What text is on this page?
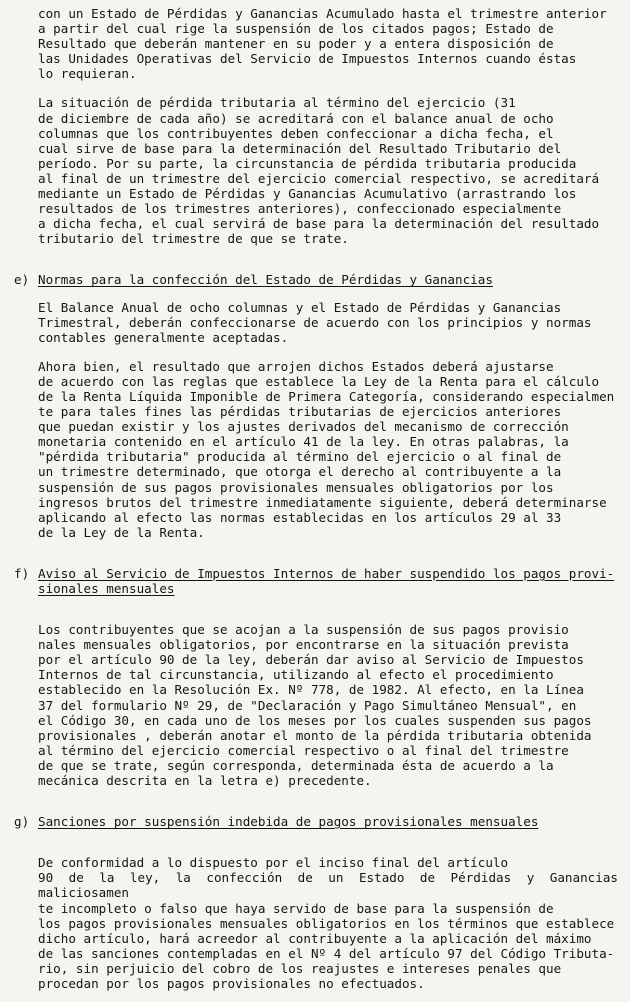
con un Estado de Pérdidas y Ganancias Acumulado hasta el trimestre anterior
a partir del cual rige la suspensión de los citados pagos; Estado de
Resultado que deberán mantener en su poder y a entera disposición de
las Unidades Operativas del Servicio de Impuestos Internos cuando éstas
lo requieran.

La situación de pérdida tributaria al término del ejercicio (31
de diciembre de cada año) se acreditará con el balance anual de ocho
columnas que los contribuyentes deben confeccionar a dicha fecha, el
cual sirve de base para la determinación del Resultado Tributario del
período. Por su parte, la circunstancia de pérdida tributaria producida
al final de un trimestre del ejercicio comercial respectivo, se acreditará
mediante un Estado de Pérdidas y Ganancias Acumulativo (arrastrando los
resultados de los trimestres anteriores), confeccionado especialmente
a dicha fecha, el cual servirá de base para la determinación del resultado
tributario del trimestre de que se trate.

e) Normas para la confección del Estado de Pérdidas y Ganancias

El Balance Anual de ocho columnas y el Estado de Pérdidas y Ganancias
Trimestral, deberán confeccionarse de acuerdo con los principios y normas
contables generalmente aceptadas.

Ahora bien, el resultado que arrojen dichos Estados deberá ajustarse
de acuerdo con las reglas que establece la Ley de la Renta para el cálculo
de la Renta Líquida Imponible de Primera Categoría, considerando especialmen
te para tales fines las pérdidas tributarias de ejercicios anteriores
que puedan existir y los ajustes derivados del mecanismo de corrección
monetaria contenido en el artículo 41 de la ley. En otras palabras, la
"pérdida tributaria" producida al término del ejercicio o al final de
un trimestre determinado, que otorga el derecho al contribuyente a la
suspensión de sus pagos provisionales mensuales obligatorios por los
ingresos brutos del trimestre inmediatamente siguiente, deberá determinarse
aplicando al efecto las normas establecidas en los artículos 29 al 33
de la Ley de la Renta.

f) Aviso al Servicio de Impuestos Internos de haber suspendido los pagos provi-
sionales mensuales

Los contribuyentes que se acojan a la suspensión de sus pagos provisio
nales mensuales obligatorios, por encontrarse en la situación prevista
por el artículo 90 de la ley, deberán dar aviso al Servicio de Impuestos
Internos de tal circunstancia, utilizando al efecto el procedimiento
establecido en la Resolución Ex. Nº 778, de 1982. Al efecto, en la Línea
37 del formulario Nº 29, de "Declaración y Pago Simultáneo Mensual", en
el Código 30, en cada uno de los meses por los cuales suspenden sus pagos
provisionales , deberán anotar el monto de la pérdida tributaria obtenida
al término del ejercicio comercial respectivo o al final del trimestre
de que se trate, según corresponda, determinada ésta de acuerdo a la
mecánica descrita en la letra e) precedente.

g) Sanciones por suspensión indebida de pagos provisionales mensuales

De conformidad a lo dispuesto por el inciso final del artículo
90 de la ley, la confección de un Estado de Pérdidas y Ganancias maliciosamen
te incompleto o falso que haya servido de base para la suspensión de
los pagos provisionales mensuales obligatorios en los términos que establece
dicho artículo, hará acreedor al contribuyente a la aplicación del máximo
de las sanciones contempladas en el Nº 4 del artículo 97 del Código Tributa-
rio, sin perjuicio del cobro de los reajustes e intereses penales que
procedan por los pagos provisionales no efectuados.
